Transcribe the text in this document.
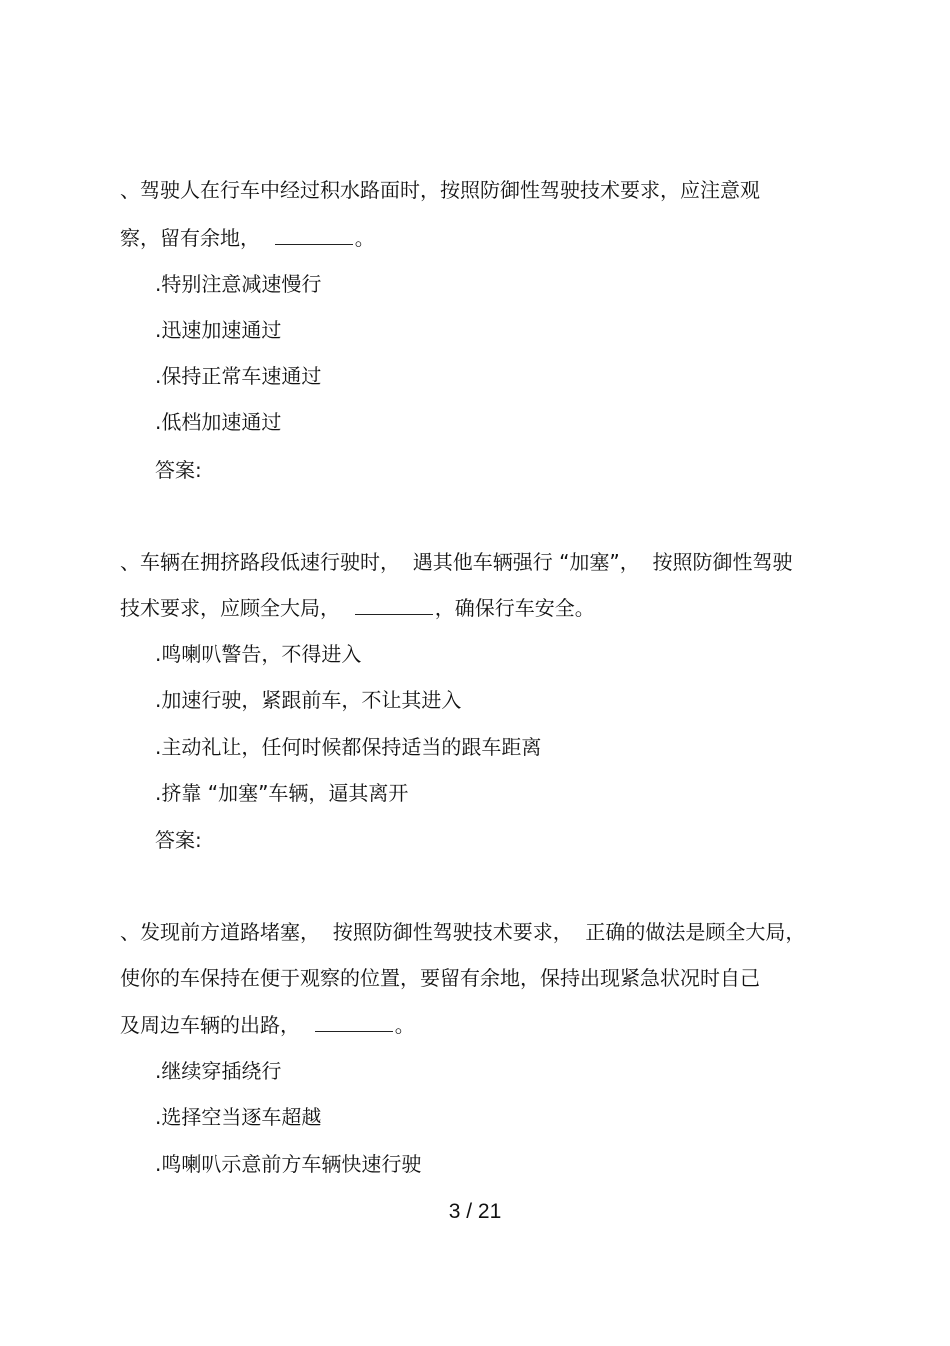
、驾驶人在行车中经过积水路面时，按照防御性驾驶技术要求，应注意观
察，留有余地，	。
.特别注意减速慢行
.迅速加速通过
.保持正常车速通过
.低档加速通过
答案:
、车辆在拥挤路段低速行驶时，  遇其他车辆强行 “加塞”，  按照防御性驾驶
技术要求，应顾全大局，	，确保行车安全。
.鸣喇叭警告，不得进入
.加速行驶，紧跟前车，不让其进入
.主动礼让，任何时候都保持适当的跟车距离
.挤靠 “加塞”车辆，逼其离开
答案:
、发现前方道路堵塞，  按照防御性驾驶技术要求，  正确的做法是顾全大局，
使你的车保持在便于观察的位置，要留有余地，保持出现紧急状况时自己
及周边车辆的出路，	。
.继续穿插绕行
.选择空当逐车超越
.鸣喇叭示意前方车辆快速行驶
3 / 21
